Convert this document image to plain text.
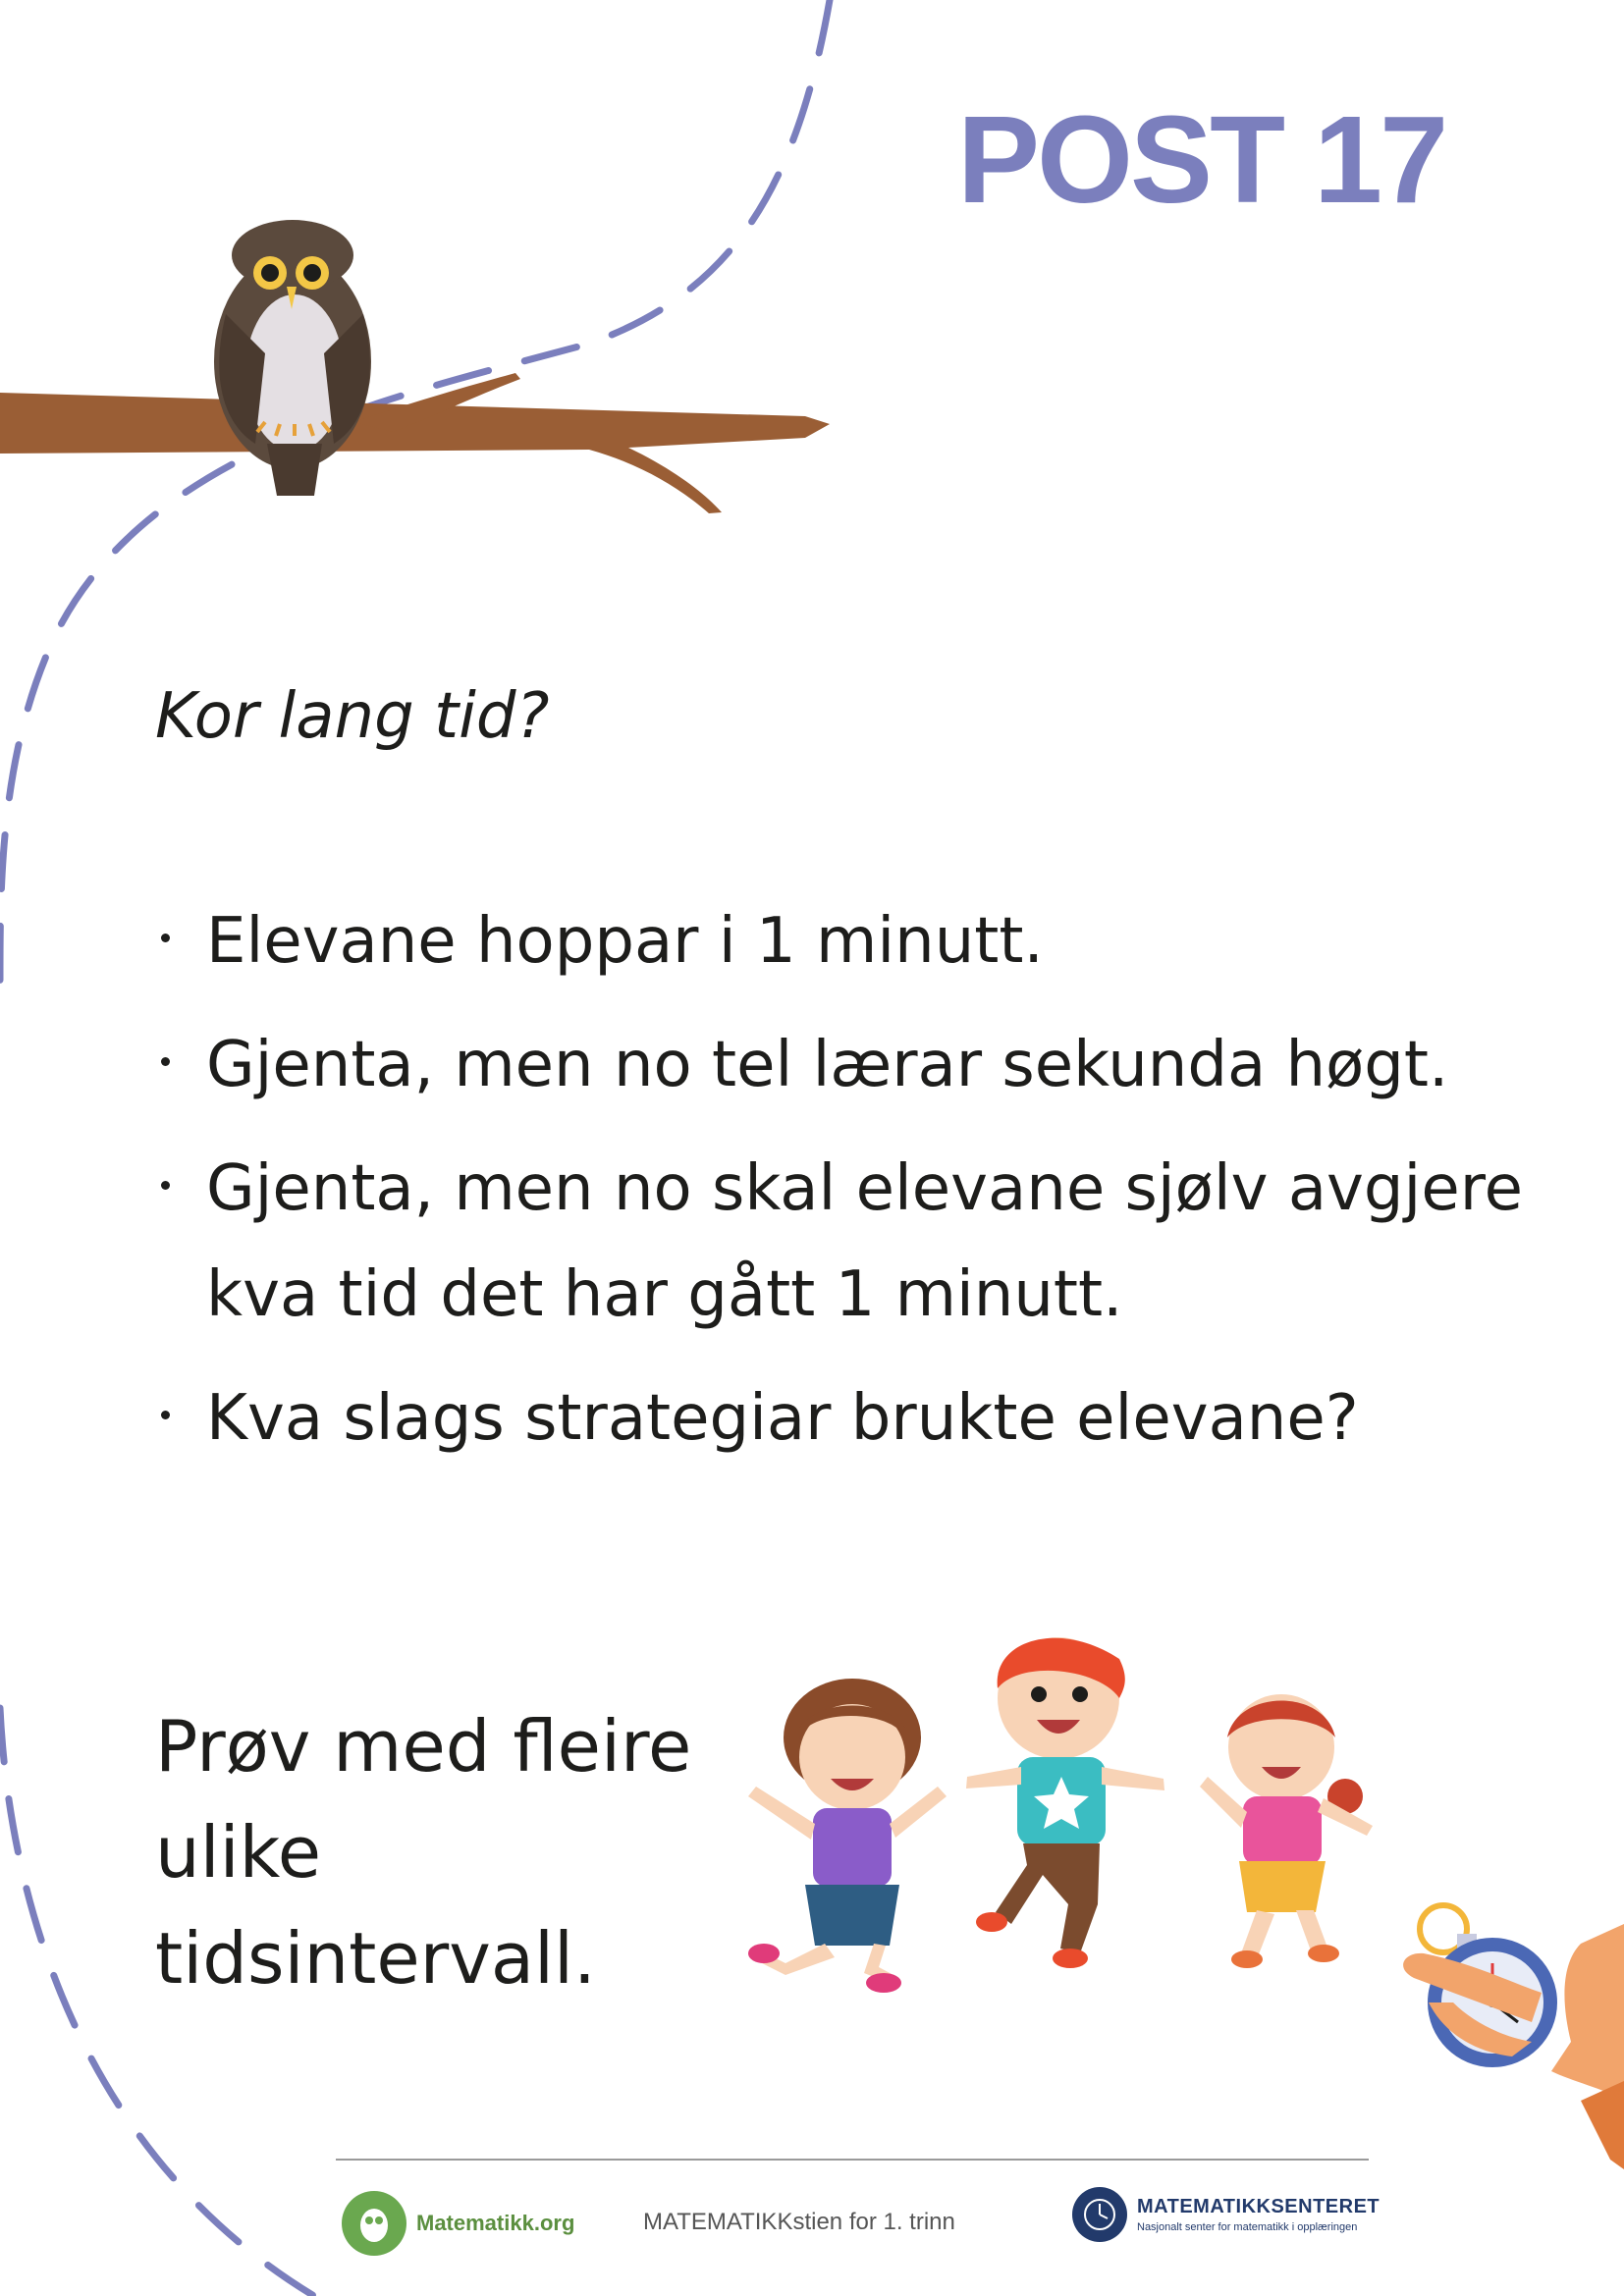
POST 17
Kor lang tid?
Elevane hoppar i 1 minutt.
Gjenta, men no tel lærar sekunda høgt.
Gjenta, men no skal elevane sjølv avgjere kva tid det har gått 1 minutt.
Kva slags strategiar brukte elevane?
Prøv med fleire ulike tidsintervall.
Matematikk.org	MATEMATIKKstien for 1. trinn
MATEMATIKKSENTERET
Nasjonalt senter for matematikk i opplæringen
